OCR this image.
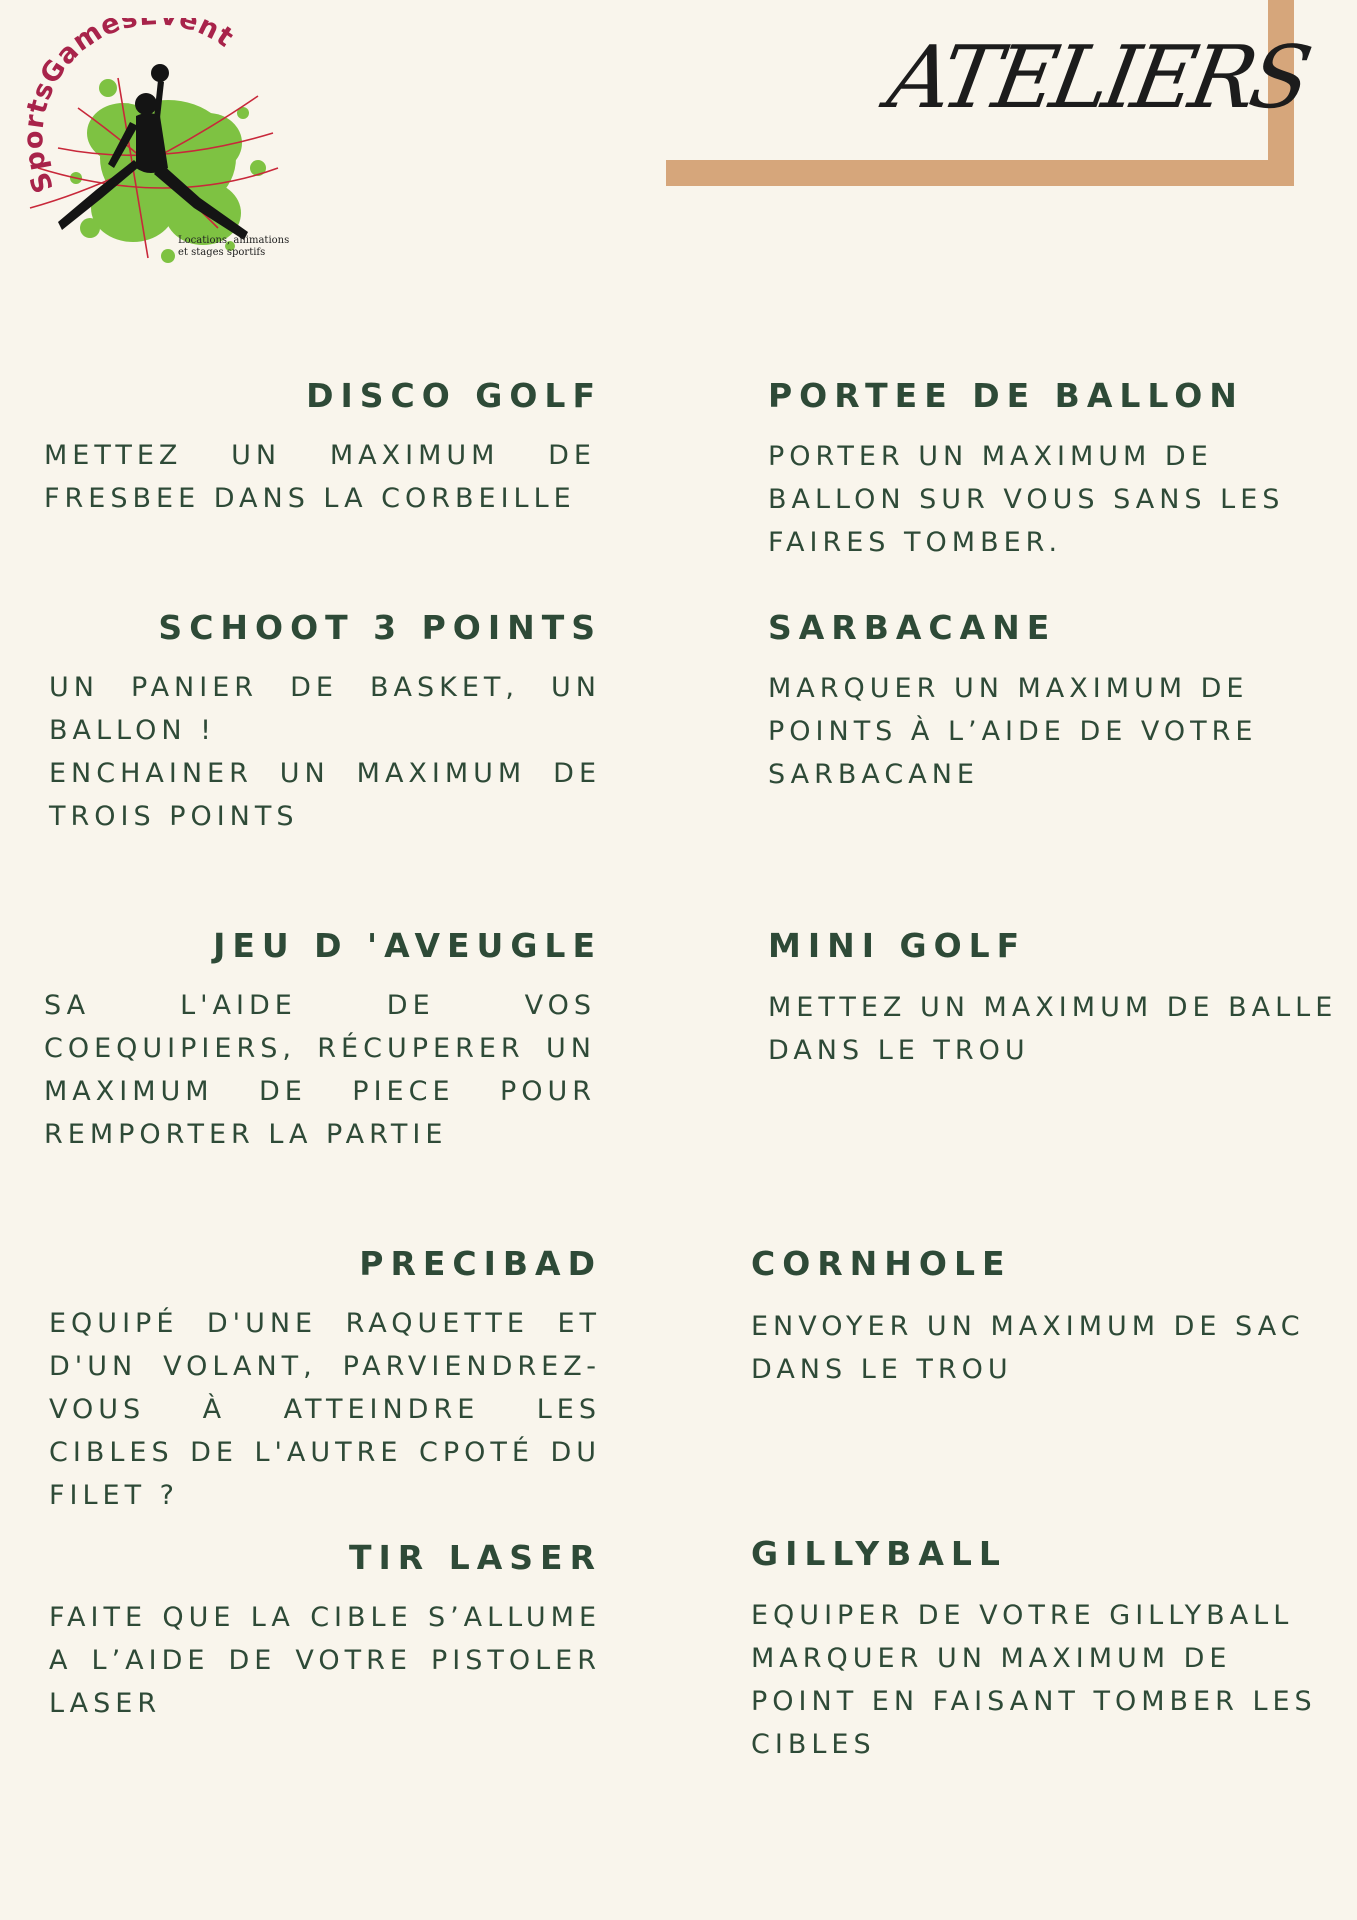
ATELIERS
SportsGames ent
Locations, animations
et stages sportifs
DISCO GOLF

METTEZ UN MAXIMUM DE FRESBEE DANS LA CORBEILLE

PORTEE DE BALLON

PORTER UN MAXIMUM DE BALLON SUR VOUS SANS LES FAIRES TOMBER.

SCHOOT 3 POINTS

UN PANIER DE BASKET, UN BALLON !
ENCHAINER UN MAXIMUM DE TROIS POINTS

SARBACANE

MARQUER UN MAXIMUM DE POINTS À L’AIDE DE VOTRE SARBACANE

JEU D 'AVEUGLE

SA L'AIDE DE VOS COEQUIPIERS, RÉCUPERER UN MAXIMUM DE PIECE POUR REMPORTER LA PARTIE

MINI GOLF

METTEZ UN MAXIMUM DE BALLE DANS LE TROU

PRECIBAD

EQUIPÉ D'UNE RAQUETTE ET D'UN VOLANT, PARVIENDREZ-VOUS À ATTEINDRE LES CIBLES DE L'AUTRE CPOTÉ DU FILET ?

CORNHOLE

ENVOYER UN MAXIMUM DE SAC DANS LE TROU

TIR LASER

FAITE QUE LA CIBLE S’ALLUME A L’AIDE DE VOTRE PISTOLER LASER

GILLYBALL

EQUIPER DE VOTRE GILLYBALL MARQUER UN MAXIMUM DE POINT EN FAISANT TOMBER LES CIBLES
